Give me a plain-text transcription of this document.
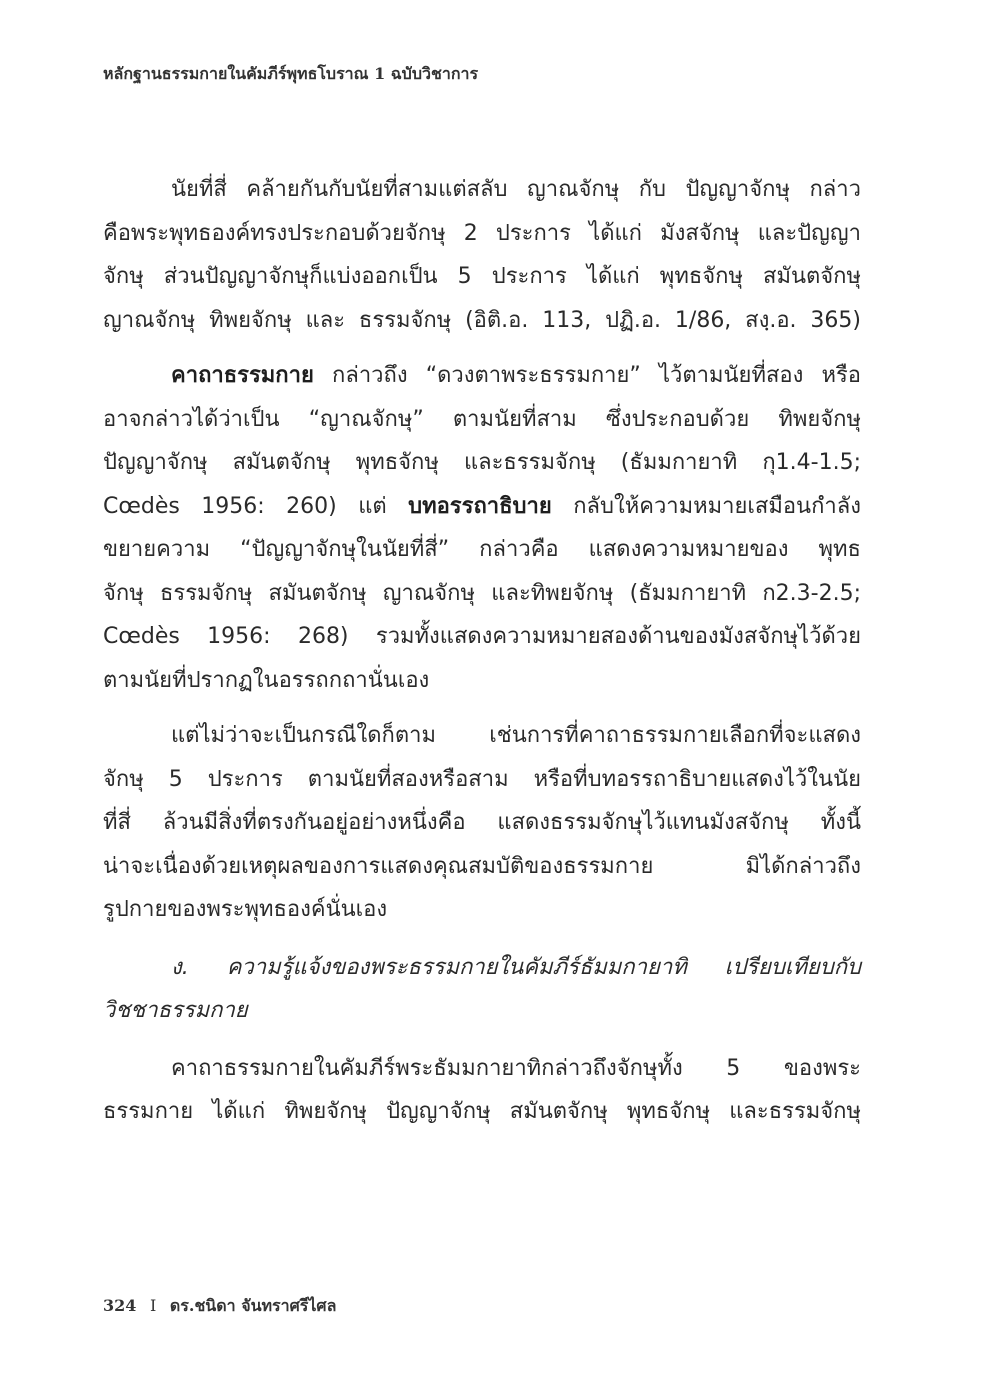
หลักฐานธรรมกายในคัมภีร์พุทธโบราณ 1 ฉบับวิชาการ
นัยที่สี่ คล้ายกันกับนัยที่สามแต่สลับ ญาณจักษุ กับ ปัญญาจักษุ กล่าว
คือพระพุทธองค์ทรงประกอบด้วยจักษุ 2 ประการ ได้แก่ มังสจักษุ และปัญญา
จักษุ ส่วนปัญญาจักษุก็แบ่งออกเป็น 5 ประการ ได้แก่ พุทธจักษุ สมันตจักษุ
ญาณจักษุ ทิพยจักษุ และ ธรรมจักษุ (อิติ.อ. 113, ปฏิ.อ. 1/86, สงฺ.อ. 365)
คาถาธรรมกาย กล่าวถึง “ดวงตาพระธรรมกาย” ไว้ตามนัยที่สอง หรือ
อาจกล่าวได้ว่าเป็น “ญาณจักษุ” ตามนัยที่สาม ซึ่งประกอบด้วย ทิพยจักษุ
ปัญญาจักษุ สมันตจักษุ พุทธจักษุ และธรรมจักษุ (ธัมมกายาทิ กุ1.4-1.5;
Cœdès 1956: 260) แต่ บทอรรถาธิบาย กลับให้ความหมายเสมือนกำลัง
ขยายความ “ปัญญาจักษุในนัยที่สี่” กล่าวคือ แสดงความหมายของ พุทธ
จักษุ ธรรมจักษุ สมันตจักษุ ญาณจักษุ และทิพยจักษุ (ธัมมกายาทิ ก2.3-2.5;
Cœdès 1956: 268) รวมทั้งแสดงความหมายสองด้านของมังสจักษุไว้ด้วย
ตามนัยที่ปรากฏในอรรถกถานั่นเอง
แต่ไม่ว่าจะเป็นกรณีใดก็ตาม เช่นการที่คาถาธรรมกายเลือกที่จะแสดง
จักษุ 5 ประการ ตามนัยที่สองหรือสาม หรือที่บทอรรถาธิบายแสดงไว้ในนัย
ที่สี่ ล้วนมีสิ่งที่ตรงกันอยู่อย่างหนึ่งคือ แสดงธรรมจักษุไว้แทนมังสจักษุ ทั้งนี้
น่าจะเนื่องด้วยเหตุผลของการแสดงคุณสมบัติของธรรมกาย มิได้กล่าวถึง
รูปกายของพระพุทธองค์นั่นเอง
ง. ความรู้แจ้งของพระธรรมกายในคัมภีร์ธัมมกายาทิ เปรียบเทียบกับ
วิชชาธรรมกาย
คาถาธรรมกายในคัมภีร์พระธัมมกายาทิกล่าวถึงจักษุทั้ง 5 ของพระ
ธรรมกาย ได้แก่ ทิพยจักษุ ปัญญาจักษุ สมันตจักษุ พุทธจักษุ และธรรมจักษุ
324 I ดร.ชนิดา จันทราศรีไศล
